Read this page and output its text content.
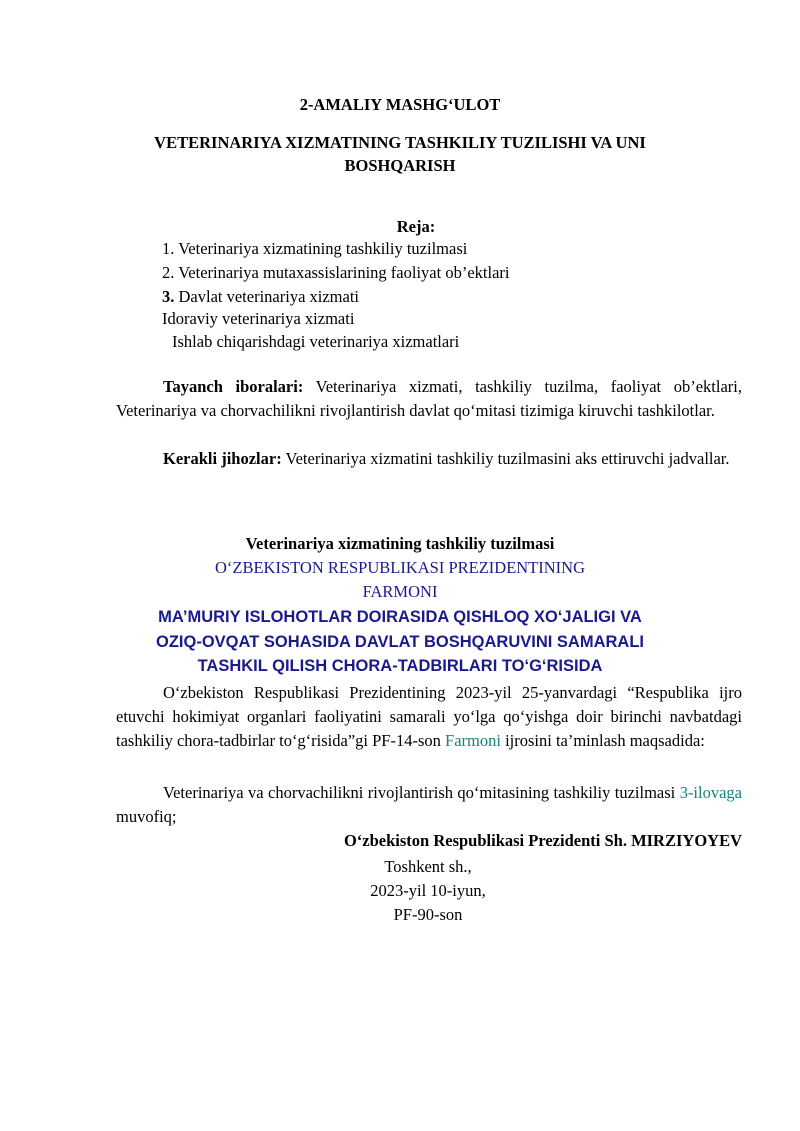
2-AMALIY MASHG‘ULOT
VETERINARIYA XIZMATINING TASHKILIY TUZILISHI VA UNI
BOSHQARISH
Reja:
1. Veterinariya xizmatining tashkiliy tuzilmasi
2. Veterinariya mutaxassislarining faoliyat ob’ektlari
3. Davlat veterinariya xizmati
Idoraviy veterinariya xizmati
Ishlab chiqarishdagi veterinariya xizmatlari
Tayanch iboralari: Veterinariya xizmati, tashkiliy tuzilma, faoliyat ob’ektlari, Veterinariya va chorvachilikni rivojlantirish davlat qo‘mitasi tizimiga kiruvchi tashkilotlar.
Kerakli jihozlar: Veterinariya xizmatini tashkiliy tuzilmasini aks ettiruvchi jadvallar.
Veterinariya xizmatining tashkiliy tuzilmasi
O‘ZBEKISTON RESPUBLIKASI PREZIDENTINING
FARMONI
MA’MURIY ISLOHOTLAR DOIRASIDA QISHLOQ XO‘JALIGI VA
OZIQ-OVQAT SOHASIDA DAVLAT BOSHQARUVINI SAMARALI
TASHKIL QILISH CHORA-TADBIRLARI TO‘G‘RISIDA
O‘zbekiston Respublikasi Prezidentining 2023-yil 25-yanvardagi “Respublika ijro etuvchi hokimiyat organlari faoliyatini samarali yo‘lga qo‘yishga doir birinchi navbatdagi tashkiliy chora-tadbirlar to‘g‘risida”gi PF-14-son Farmoni ijrosini ta’minlash maqsadida:
Veterinariya va chorvachilikni rivojlantirish qo‘mitasining tashkiliy tuzilmasi 3-ilovaga muvofiq;
O‘zbekiston Respublikasi Prezidenti Sh. MIRZIYOYEV
Toshkent sh.,
2023-yil 10-iyun,
PF-90-son
